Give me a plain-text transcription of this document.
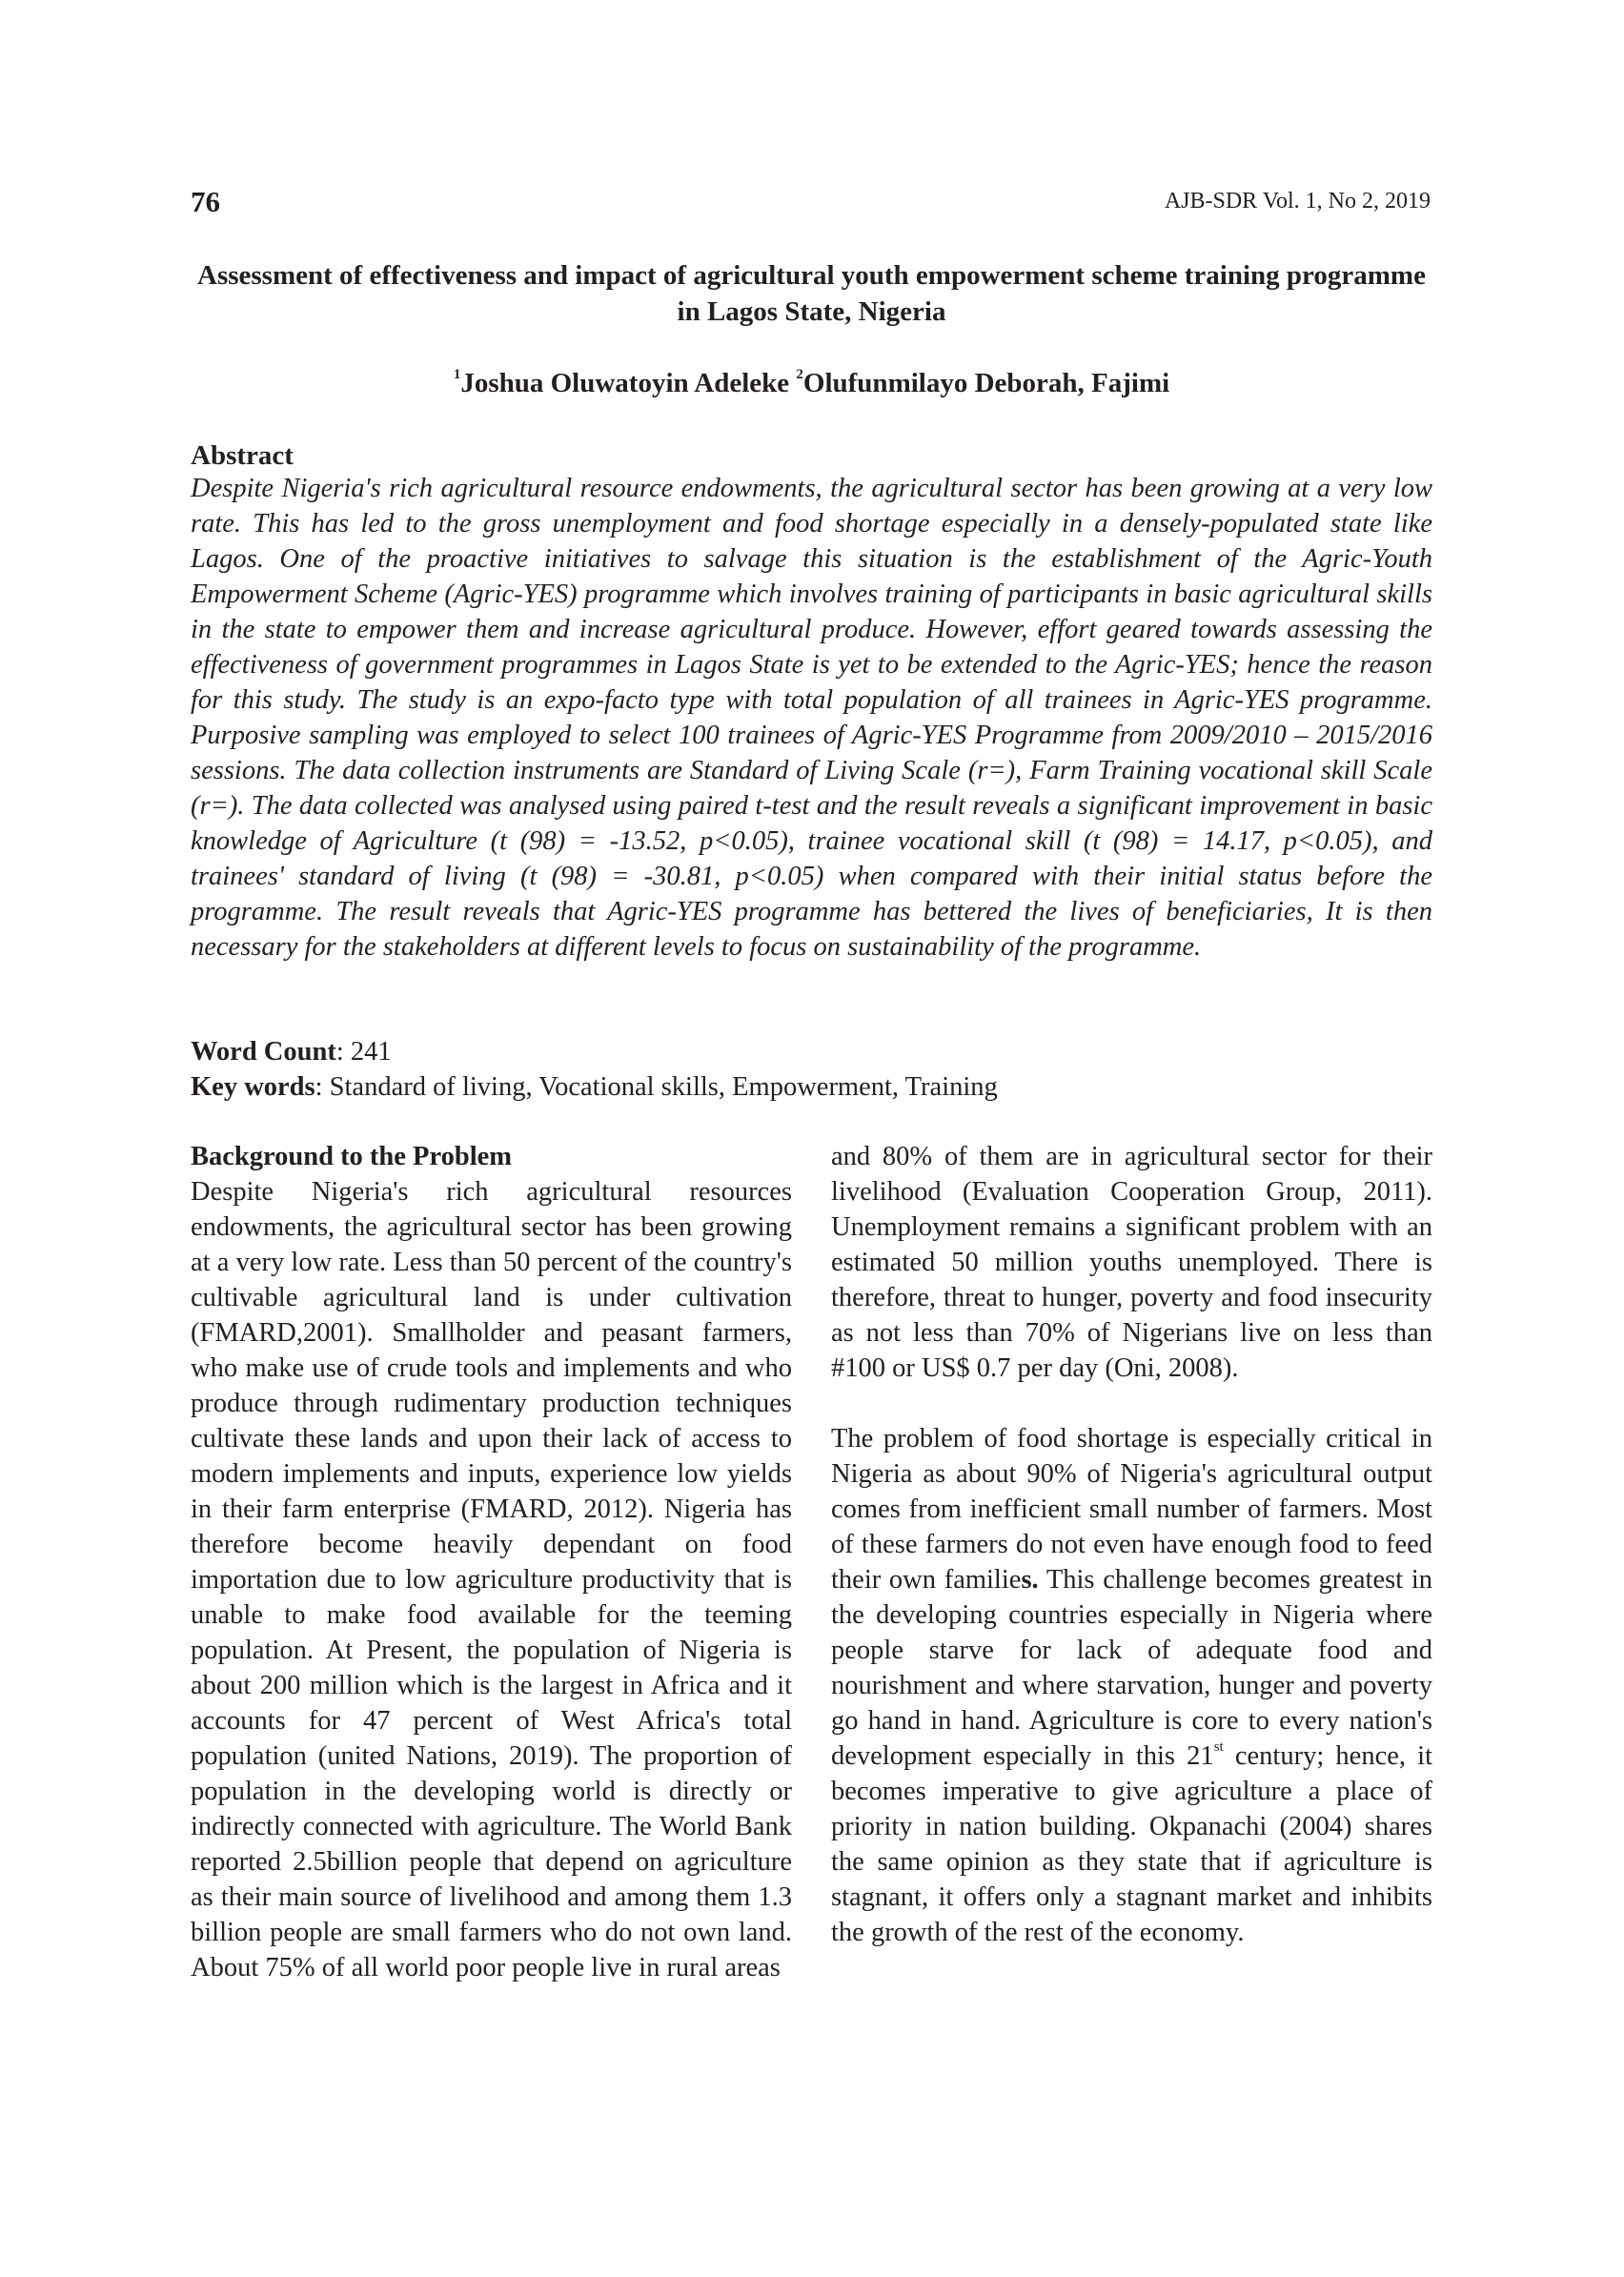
76	AJB-SDR Vol. 1, No 2, 2019
Assessment of effectiveness and impact of agricultural youth empowerment scheme training programme in Lagos State, Nigeria
$^1$Joshua Oluwatoyin Adeleke $^2$Olufunmilayo Deborah, Fajimi
Abstract
Despite Nigeria's rich agricultural resource endowments, the agricultural sector has been growing at a very low rate. This has led to the gross unemployment and food shortage especially in a densely-populated state like Lagos. One of the proactive initiatives to salvage this situation is the establishment of the Agric-Youth Empowerment Scheme (Agric-YES) programme which involves training of participants in basic agricultural skills in the state to empower them and increase agricultural produce. However, effort geared towards assessing the effectiveness of government programmes in Lagos State is yet to be extended to the Agric-YES; hence the reason for this study. The study is an expo-facto type with total population of all trainees in Agric-YES programme. Purposive sampling was employed to select 100 trainees of Agric-YES Programme from 2009/2010 – 2015/2016 sessions. The data collection instruments are Standard of Living Scale (r=), Farm Training vocational skill Scale (r=). The data collected was analysed using paired t-test and the result reveals a significant improvement in basic knowledge of Agriculture (t (98) = -13.52, p<0.05), trainee vocational skill (t (98) = 14.17, p<0.05), and trainees' standard of living (t (98) = -30.81, p<0.05) when compared with their initial status before the programme. The result reveals that Agric-YES programme has bettered the lives of beneficiaries, It is then necessary for the stakeholders at different levels to focus on sustainability of the programme.
Word Count: 241
Key words: Standard of living, Vocational skills, Empowerment, Training

Background to the Problem

Despite Nigeria's rich agricultural resources endowments, the agricultural sector has been growing at a very low rate. Less than 50 percent of the country's cultivable agricultural land is under cultivation (FMARD,2001). Smallholder and peasant farmers, who make use of crude tools and implements and who produce through rudimentary production techniques cultivate these lands and upon their lack of access to modern implements and inputs, experience low yields in their farm enterprise (FMARD, 2012). Nigeria has therefore become heavily dependant on food importation due to low agriculture productivity that is unable to make food available for the teeming population. At Present, the population of Nigeria is about 200 million which is the largest in Africa and it accounts for 47 percent of West Africa's total population (united Nations, 2019). The proportion of population in the developing world is directly or indirectly connected with agriculture. The World Bank reported 2.5billion people that depend on agriculture as their main source of livelihood and among them 1.3 billion people are small farmers who do not own land. About 75% of all world poor people live in rural areas

and 80% of them are in agricultural sector for their livelihood (Evaluation Cooperation Group, 2011). Unemployment remains a significant problem with an estimated 50 million youths unemployed. There is therefore, threat to hunger, poverty and food insecurity as not less than 70% of Nigerians live on less than #100 or US$ 0.7 per day (Oni, 2008).

The problem of food shortage is especially critical in Nigeria as about 90% of Nigeria's agricultural output comes from inefficient small number of farmers. Most of these farmers do not even have enough food to feed their own families. This challenge becomes greatest in the developing countries especially in Nigeria where people starve for lack of adequate food and nourishment and where starvation, hunger and poverty go hand in hand. Agriculture is core to every nation's development especially in this 21st century; hence, it becomes imperative to give agriculture a place of priority in nation building. Okpanachi (2004) shares the same opinion as they state that if agriculture is stagnant, it offers only a stagnant market and inhibits the growth of the rest of the economy.
